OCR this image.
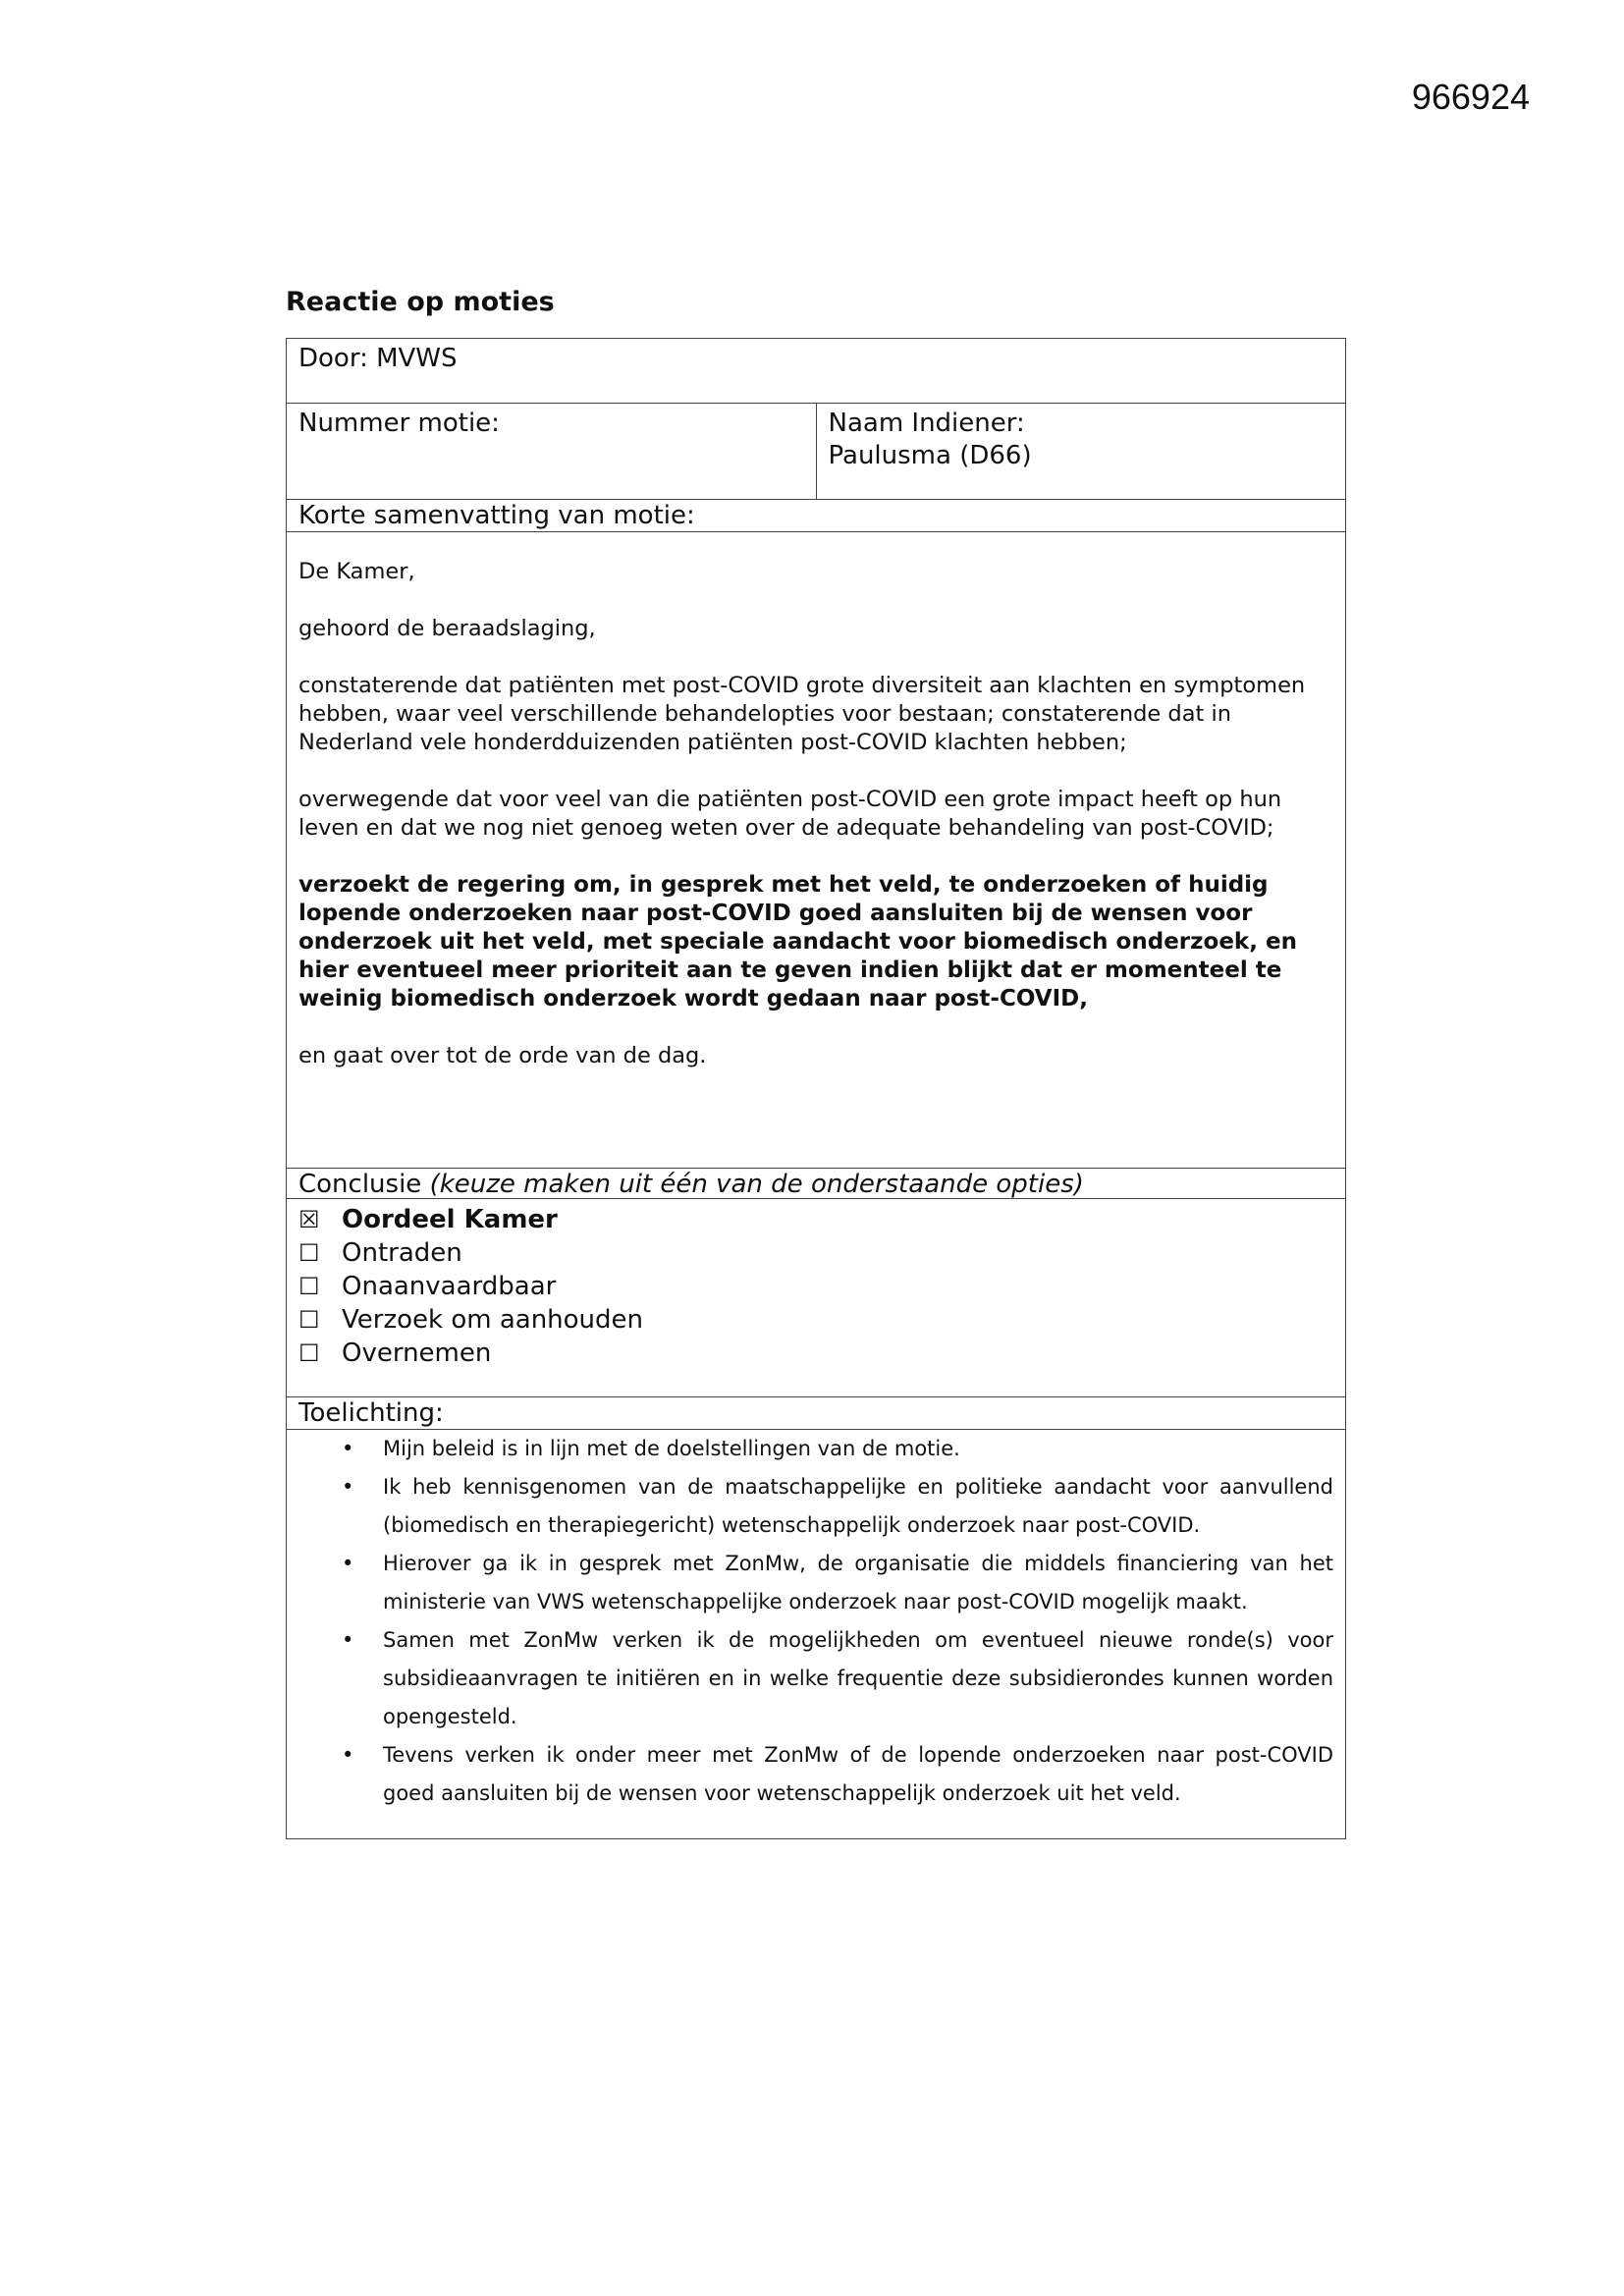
966924
Reactie op moties
Door: MVWS
Nummer motie:	Naam Indiener:
Paulusma (D66)
Korte samenvatting van motie:

De Kamer,

gehoord de beraadslaging,

constaterende dat patiënten met post-COVID grote diversiteit aan klachten en symptomen hebben, waar veel verschillende behandelopties voor bestaan; constaterende dat in Nederland vele honderdduizenden patiënten post-COVID klachten hebben;

overwegende dat voor veel van die patiënten post-COVID een grote impact heeft op hun leven en dat we nog niet genoeg weten over de adequate behandeling van post-COVID;

verzoekt de regering om, in gesprek met het veld, te onderzoeken of huidig lopende onderzoeken naar post-COVID goed aansluiten bij de wensen voor onderzoek uit het veld, met speciale aandacht voor biomedisch onderzoek, en hier eventueel meer prioriteit aan te geven indien blijkt dat er momenteel te weinig biomedisch onderzoek wordt gedaan naar post-COVID,

en gaat over tot de orde van de dag.

Conclusie (keuze maken uit één van de onderstaande opties)
☒ Oordeel Kamer
☐ Ontraden
☐ Onaanvaardbaar
☐ Verzoek om aanhouden
☐ Overnemen
Toelichting:
• Mijn beleid is in lijn met de doelstellingen van de motie.
• Ik heb kennisgenomen van de maatschappelijke en politieke aandacht voor aanvullend (biomedisch en therapiegericht) wetenschappelijk onderzoek naar post-COVID.
• Hierover ga ik in gesprek met ZonMw, de organisatie die middels financiering van het ministerie van VWS wetenschappelijke onderzoek naar post-COVID mogelijk maakt.
• Samen met ZonMw verken ik de mogelijkheden om eventueel nieuwe ronde(s) voor subsidieaanvragen te initiëren en in welke frequentie deze subsidierondes kunnen worden opengesteld.
• Tevens verken ik onder meer met ZonMw of de lopende onderzoeken naar post-COVID goed aansluiten bij de wensen voor wetenschappelijk onderzoek uit het veld.
